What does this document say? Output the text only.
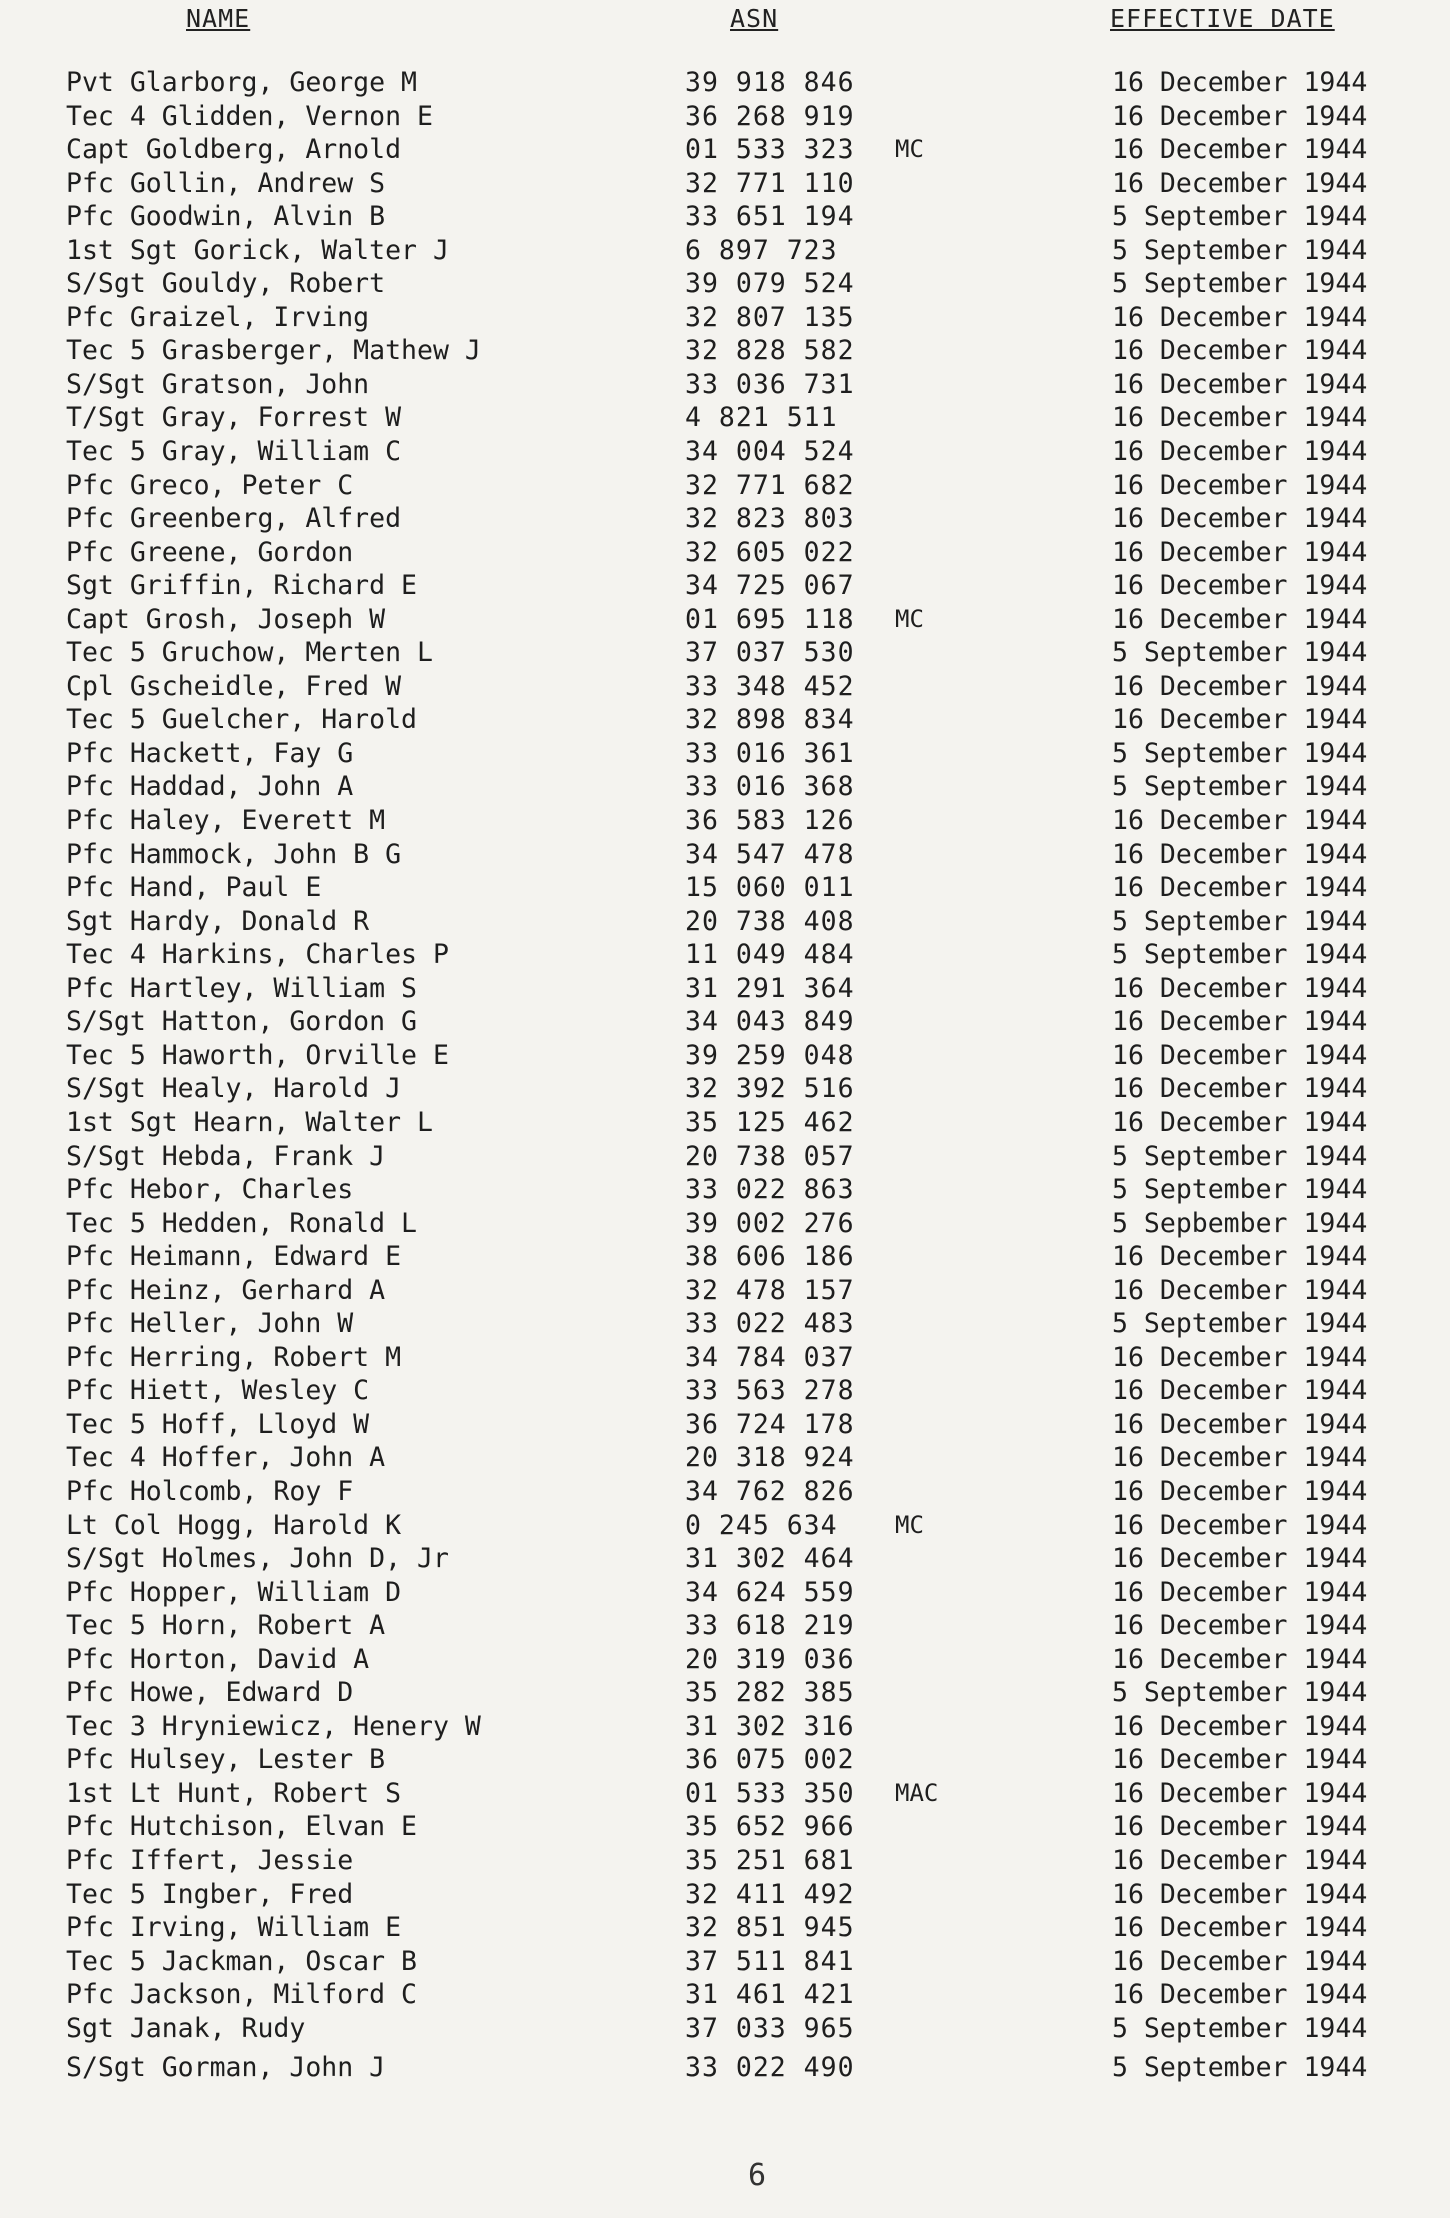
NAME	ASN	EFFECTIVE DATE
Pvt Glarborg, George M	39 918 846	16 December 1944
Tec 4 Glidden, Vernon E	36 268 919	16 December 1944
Capt Goldberg, Arnold	01 533 323 MC	16 December 1944
Pfc Gollin, Andrew S	32 771 110	16 December 1944
Pfc Goodwin, Alvin B	33 651 194	5 September 1944
1st Sgt Gorick, Walter J	6 897 723	5 September 1944
S/Sgt Gouldy, Robert	39 079 524	5 September 1944
Pfc Graizel, Irving	32 807 135	16 December 1944
Tec 5 Grasberger, Mathew J	32 828 582	16 December 1944
S/Sgt Gratson, John	33 036 731	16 December 1944
T/Sgt Gray, Forrest W	4 821 511	16 December 1944
Tec 5 Gray, William C	34 004 524	16 December 1944
Pfc Greco, Peter C	32 771 682	16 December 1944
Pfc Greenberg, Alfred	32 823 803	16 December 1944
Pfc Greene, Gordon	32 605 022	16 December 1944
Sgt Griffin, Richard E	34 725 067	16 December 1944
Capt Grosh, Joseph W	01 695 118 MC	16 December 1944
Tec 5 Gruchow, Merten L	37 037 530	5 September 1944
Cpl Gscheidle, Fred W	33 348 452	16 December 1944
Tec 5 Guelcher, Harold	32 898 834	16 December 1944
Pfc Hackett, Fay G	33 016 361	5 September 1944
Pfc Haddad, John A	33 016 368	5 September 1944
Pfc Haley, Everett M	36 583 126	16 December 1944
Pfc Hammock, John B G	34 547 478	16 December 1944
Pfc Hand, Paul E	15 060 011	16 December 1944
Sgt Hardy, Donald R	20 738 408	5 September 1944
Tec 4 Harkins, Charles P	11 049 484	5 September 1944
Pfc Hartley, William S	31 291 364	16 December 1944
S/Sgt Hatton, Gordon G	34 043 849	16 December 1944
Tec 5 Haworth, Orville E	39 259 048	16 December 1944
S/Sgt Healy, Harold J	32 392 516	16 December 1944
1st Sgt Hearn, Walter L	35 125 462	16 December 1944
S/Sgt Hebda, Frank J	20 738 057	5 September 1944
Pfc Hebor, Charles	33 022 863	5 September 1944
Tec 5 Hedden, Ronald L	39 002 276	5 Sepbember 1944
Pfc Heimann, Edward E	38 606 186	16 December 1944
Pfc Heinz, Gerhard A	32 478 157	16 December 1944
Pfc Heller, John W	33 022 483	5 September 1944
Pfc Herring, Robert M	34 784 037	16 December 1944
Pfc Hiett, Wesley C	33 563 278	16 December 1944
Tec 5 Hoff, Lloyd W	36 724 178	16 December 1944
Tec 4 Hoffer, John A	20 318 924	16 December 1944
Pfc Holcomb, Roy F	34 762 826	16 December 1944
Lt Col Hogg, Harold K	0 245 634 MC	16 December 1944
S/Sgt Holmes, John D, Jr	31 302 464	16 December 1944
Pfc Hopper, William D	34 624 559	16 December 1944
Tec 5 Horn, Robert A	33 618 219	16 December 1944
Pfc Horton, David A	20 319 036	16 December 1944
Pfc Howe, Edward D	35 282 385	5 September 1944
Tec 3 Hryniewicz, Henery W	31 302 316	16 December 1944
Pfc Hulsey, Lester B	36 075 002	16 December 1944
1st Lt Hunt, Robert S	01 533 350 MAC	16 December 1944
Pfc Hutchison, Elvan E	35 652 966	16 December 1944
Pfc Iffert, Jessie	35 251 681	16 December 1944
Tec 5 Ingber, Fred	32 411 492	16 December 1944
Pfc Irving, William E	32 851 945	16 December 1944
Tec 5 Jackman, Oscar B	37 511 841	16 December 1944
Pfc Jackson, Milford C	31 461 421	16 December 1944
Sgt Janak, Rudy	37 033 965	5 September 1944
S/Sgt Gorman, John J	33 022 490	5 September 1944
6
